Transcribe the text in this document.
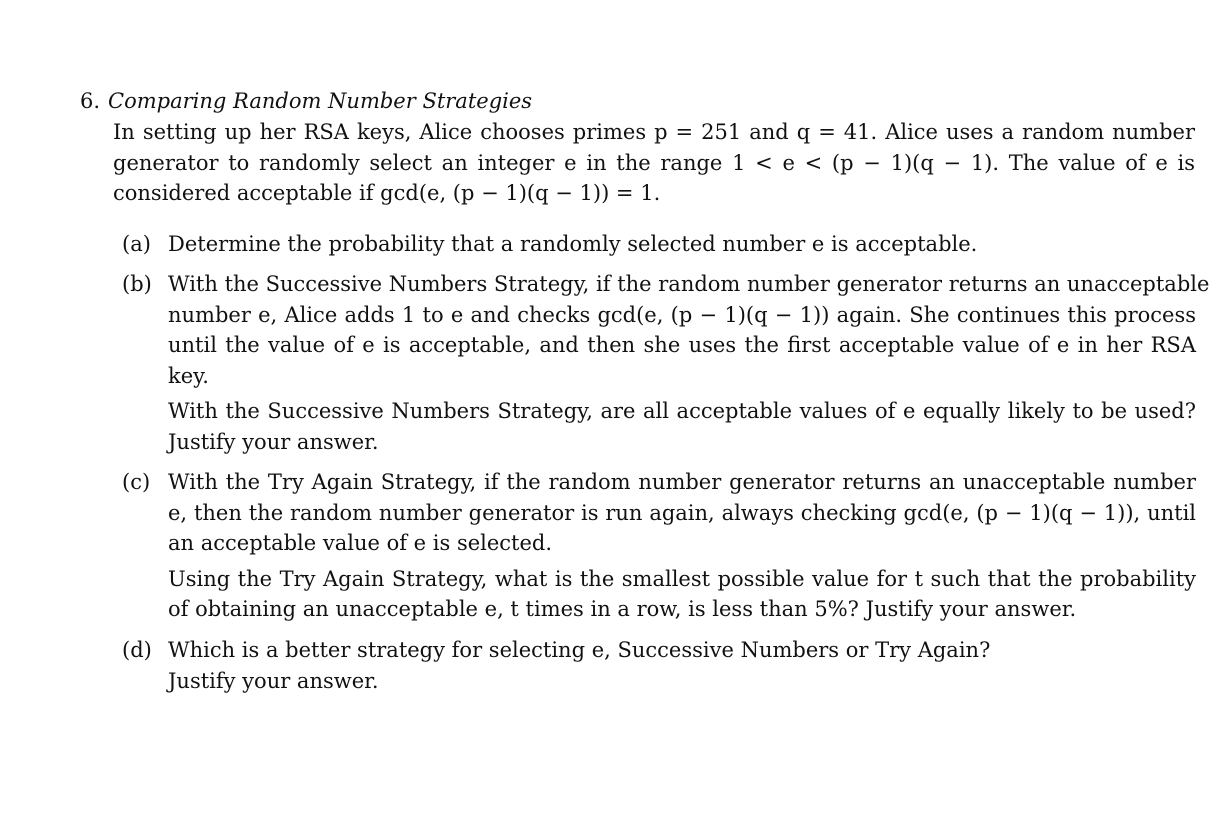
6. Comparing Random Number Strategies
In setting up her RSA keys, Alice chooses primes p = 251 and q = 41. Alice uses a random number
generator to randomly select an integer e in the range 1 < e < (p − 1)(q − 1). The value of e is
considered acceptable if gcd(e, (p − 1)(q − 1)) = 1.
(a) Determine the probability that a randomly selected number e is acceptable.
(b) With the Successive Numbers Strategy, if the random number generator returns an unacceptable
number e, Alice adds 1 to e and checks gcd(e, (p − 1)(q − 1)) again. She continues this process
until the value of e is acceptable, and then she uses the first acceptable value of e in her RSA
key.
With the Successive Numbers Strategy, are all acceptable values of e equally likely to be used?
Justify your answer.
(c) With the Try Again Strategy, if the random number generator returns an unacceptable number
e, then the random number generator is run again, always checking gcd(e, (p − 1)(q − 1)), until
an acceptable value of e is selected.
Using the Try Again Strategy, what is the smallest possible value for t such that the probability
of obtaining an unacceptable e, t times in a row, is less than 5%? Justify your answer.
(d) Which is a better strategy for selecting e, Successive Numbers or Try Again?
Justify your answer.
